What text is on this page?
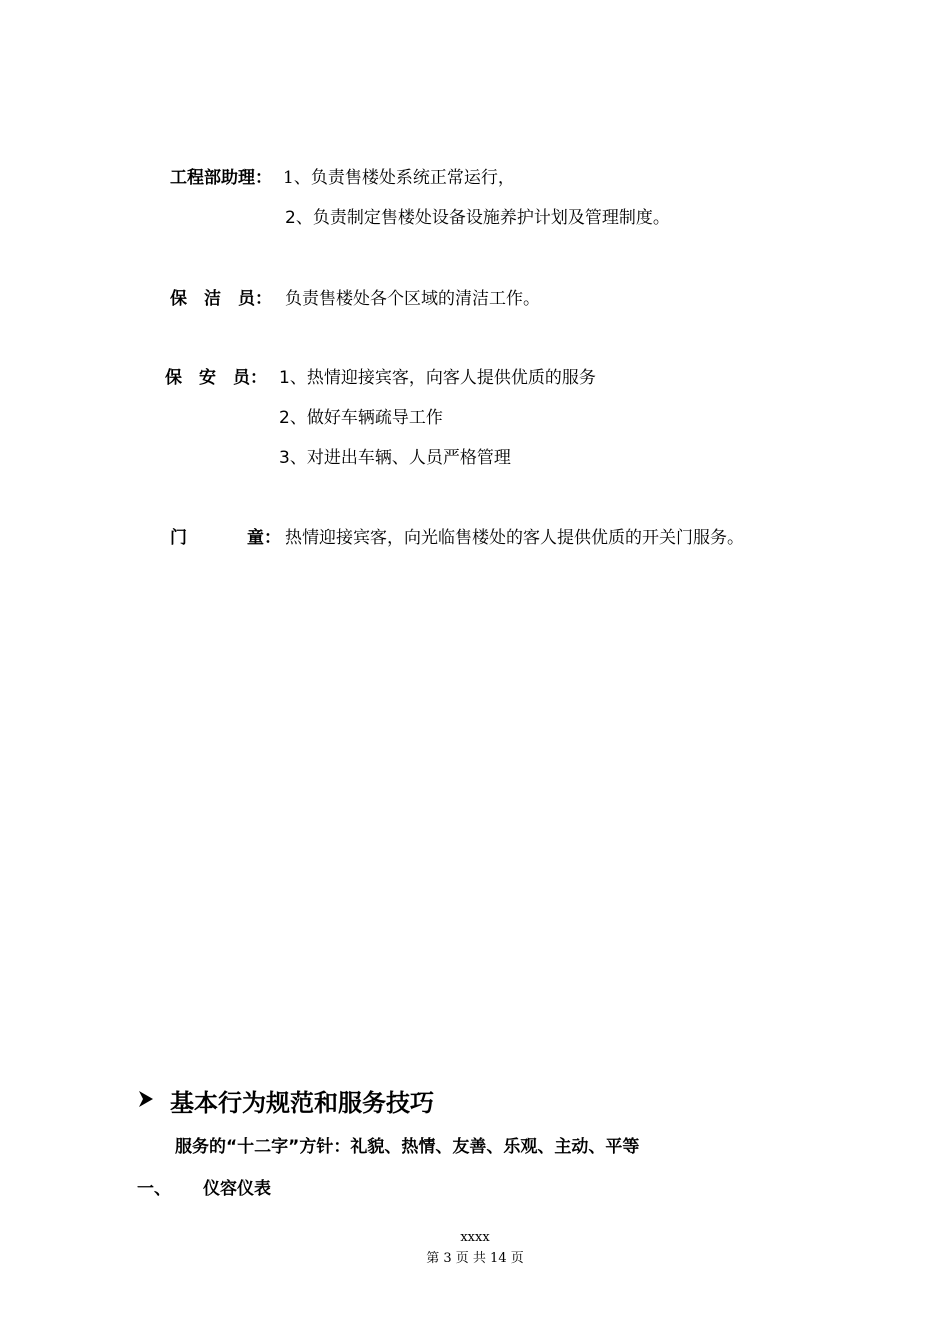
工程部助理： 1、负责售楼处系统正常运行，
2、负责制定售楼处设备设施养护计划及管理制度。
保　洁　员： 负责售楼处各个区域的清洁工作。
保　安　员： 1、热情迎接宾客，向客人提供优质的服务
2、做好车辆疏导工作
3、对进出车辆、人员严格管理
门	童： 热情迎接宾客，向光临售楼处的客人提供优质的开关门服务。
基本行为规范和服务技巧
服务的“十二字”方针：礼貌、热情、友善、乐观、主动、平等
一、 仪容仪表
xxxx
第 3 页 共 14 页
